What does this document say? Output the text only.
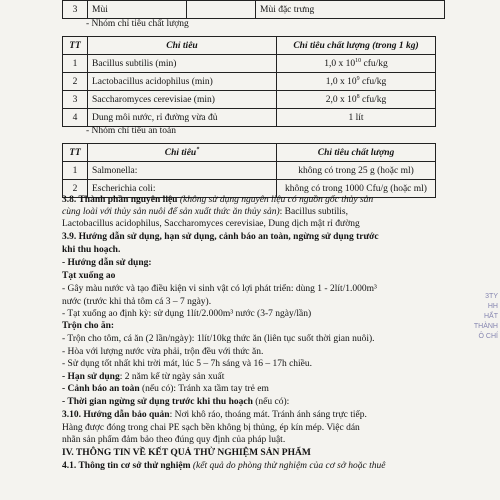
3	Mùi		Mùi đặc trưng
- Nhóm chỉ tiêu chất lượng
TT	Chỉ tiêu	Chỉ tiêu chất lượng (trong 1 kg)
1	Bacillus subtilis (min)	1,0 x $10^{10}$ cfu/kg
2	Lactobacillus acidophilus (min)	1,0 x $10^9$ cfu/kg
3	Saccharomyces cerevisiae (min)	2,0 x $10^8$ cfu/kg
4	Dung môi nước, rỉ đường vừa đủ	1 lít
- Nhóm chỉ tiêu an toàn
TT	Chỉ tiêu*	Chỉ tiêu chất lượng
1	Salmonella:	không có trong 25 g (hoặc ml)
2	Escherichia coli:	không có trong 1000 Cfu/g (hoặc ml)
3.8. Thành phần nguyên liệu (không sử dụng nguyên liệu có nguồn gốc thủy sản
cùng loài với thủy sản nuôi để sản xuất thức ăn thủy sản): Bacillus subtilis,
Lactobacillus acidophilus, Saccharomyces cerevisiae, Dung dịch mật rỉ đường
3.9. Hướng dẫn sử dụng, hạn sử dụng, cảnh báo an toàn, ngừng sử dụng trước
khi thu hoạch.
- Hướng dẫn sử dụng:
Tạt xuống ao
- Gây màu nước và tạo điều kiện vi sinh vật có lợi phát triển: dùng 1 - 2lít/1.000m³
nước (trước khi thả tôm cá 3 – 7 ngày).
- Tạt xuống ao định kỳ: sử dụng 1lít/2.000m³ nước (3-7 ngày/lần)
Trộn cho ăn:
- Trộn cho tôm, cá ăn (2 lần/ngày): 1lít/10kg thức ăn (liên tục suốt thời gian nuôi).
- Hòa với lượng nước vừa phải, trộn đều với thức ăn.
- Sử dụng tốt nhất khi trời mát, lúc 5 – 7h sáng và 16 – 17h chiều.
- Hạn sử dụng: 2 năm kể từ ngày sản xuất
- Cảnh báo an toàn (nếu có): Tránh xa tầm tay trẻ em
- Thời gian ngừng sử dụng trước khi thu hoạch (nếu có):
3.10. Hướng dẫn bảo quản: Nơi khô ráo, thoáng mát. Tránh ánh sáng trực tiếp.
Hàng được đóng trong chai PE sạch bền không bị thủng, ép kín mép. Việc dán
nhãn sản phẩm đảm bảo theo đúng quy định của pháp luật.
IV. THÔNG TIN VỀ KẾT QUẢ THỬ NGHIỆM SẢN PHẨM
4.1. Thông tin cơ sở thử nghiệm (kết quả do phòng thử nghiệm của cơ sở hoặc thuê
3TY
HH
HẤT
THÀNH
Ô CHÍ
